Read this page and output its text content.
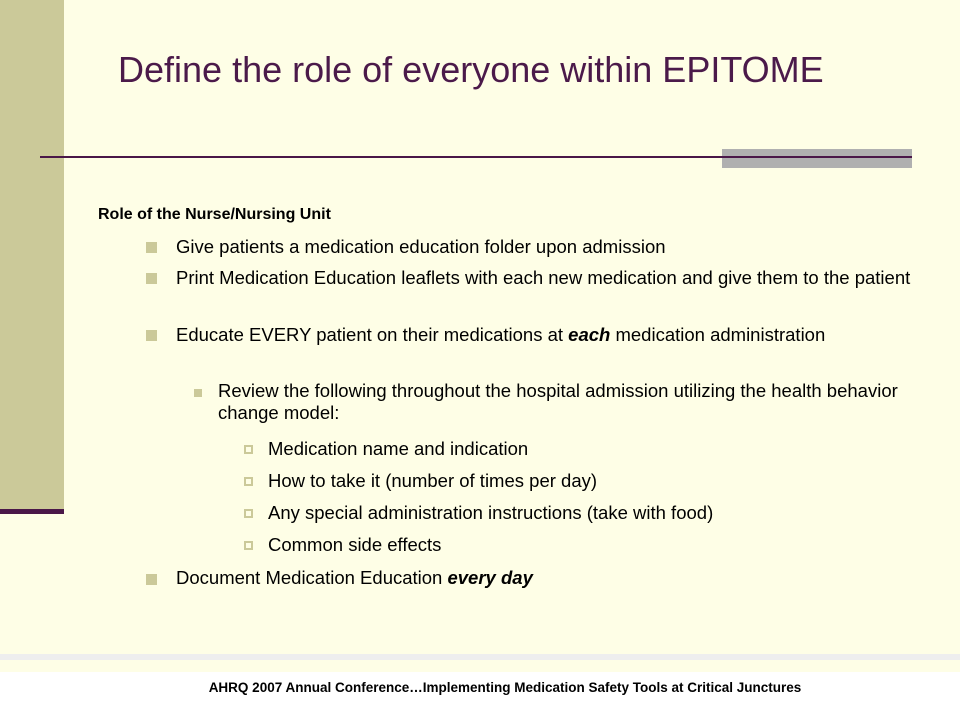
Define the role of everyone within EPITOME
Role of the Nurse/Nursing Unit
Give patients a medication education folder upon admission
Print Medication Education leaflets with each new medication and give them to the patient
Educate EVERY patient on their medications at each medication administration
Review the following throughout the hospital admission utilizing the health behavior change model:
Medication name and indication
How to take it (number of times per day)
Any special administration instructions (take with food)
Common side effects
Document Medication Education every day
AHRQ 2007 Annual Conference…Implementing Medication Safety Tools at Critical Junctures
